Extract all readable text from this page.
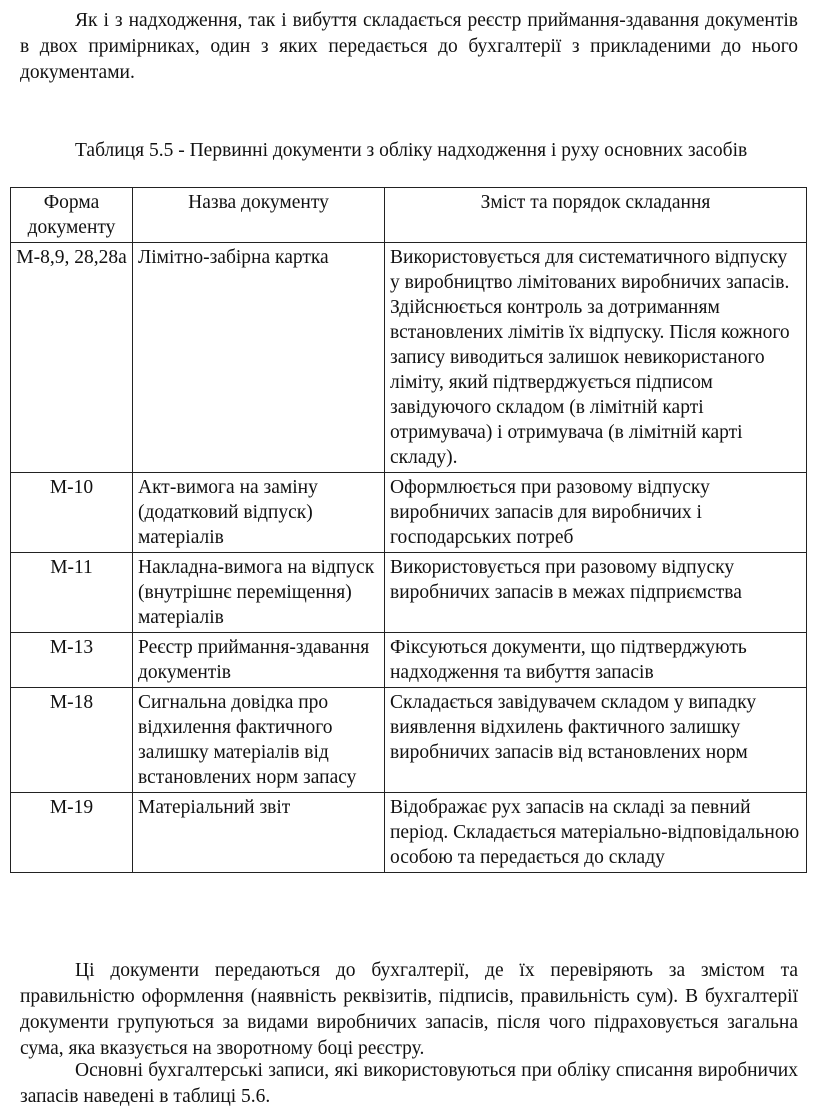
Як і з надходження, так і вибуття складається реєстр приймання-здавання документів в двох примірниках, один з яких передається до бухгалтерії з прикладеними до нього документами.

Таблиця 5.5 - Первинні документи з обліку надходження і руху основних засобів

Форма документу	Назва документу	Зміст та порядок складання
М-8,9, 28,28а	Лімітно-забірна картка	Використовується для систематичного відпуску у виробництво лімітованих виробничих запасів. Здійснюється контроль за дотриманням встановлених лімітів їх відпуску. Після кожного запису виводиться залишок невикористаного ліміту, який підтверджується підписом завідуючого складом (в лімітній карті отримувача) і отримувача (в лімітній карті складу).
М-10	Акт-вимога на заміну (додатковий відпуск) матеріалів	Оформлюється при разовому відпуску виробничих запасів для виробничих і господарських потреб
М-11	Накладна-вимога на відпуск (внутрішнє переміщення) матеріалів	Використовується при разовому відпуску виробничих запасів в межах підприємства
М-13	Реєстр приймання-здавання документів	Фіксуються документи, що підтверджують надходження та вибуття запасів
М-18	Сигнальна довідка про відхилення фактичного залишку матеріалів від встановлених норм запасу	Складається завідувачем складом у випадку виявлення відхилень фактичного залишку виробничих запасів від встановлених норм
М-19	Матеріальний звіт	Відображає рух запасів на складі за певний період. Складається матеріально-відповідальною особою та передається до складу

Ці документи передаються до бухгалтерії, де їх перевіряють за змістом та правильністю оформлення (наявність реквізитів, підписів, правильність сум). В бухгалтерії документи групуються за видами виробничих запасів, після чого підраховується загальна сума, яка вказується на зворотному боці реєстру.

Основні бухгалтерські записи, які використовуються при обліку списання виробничих запасів наведені в таблиці 5.6.
